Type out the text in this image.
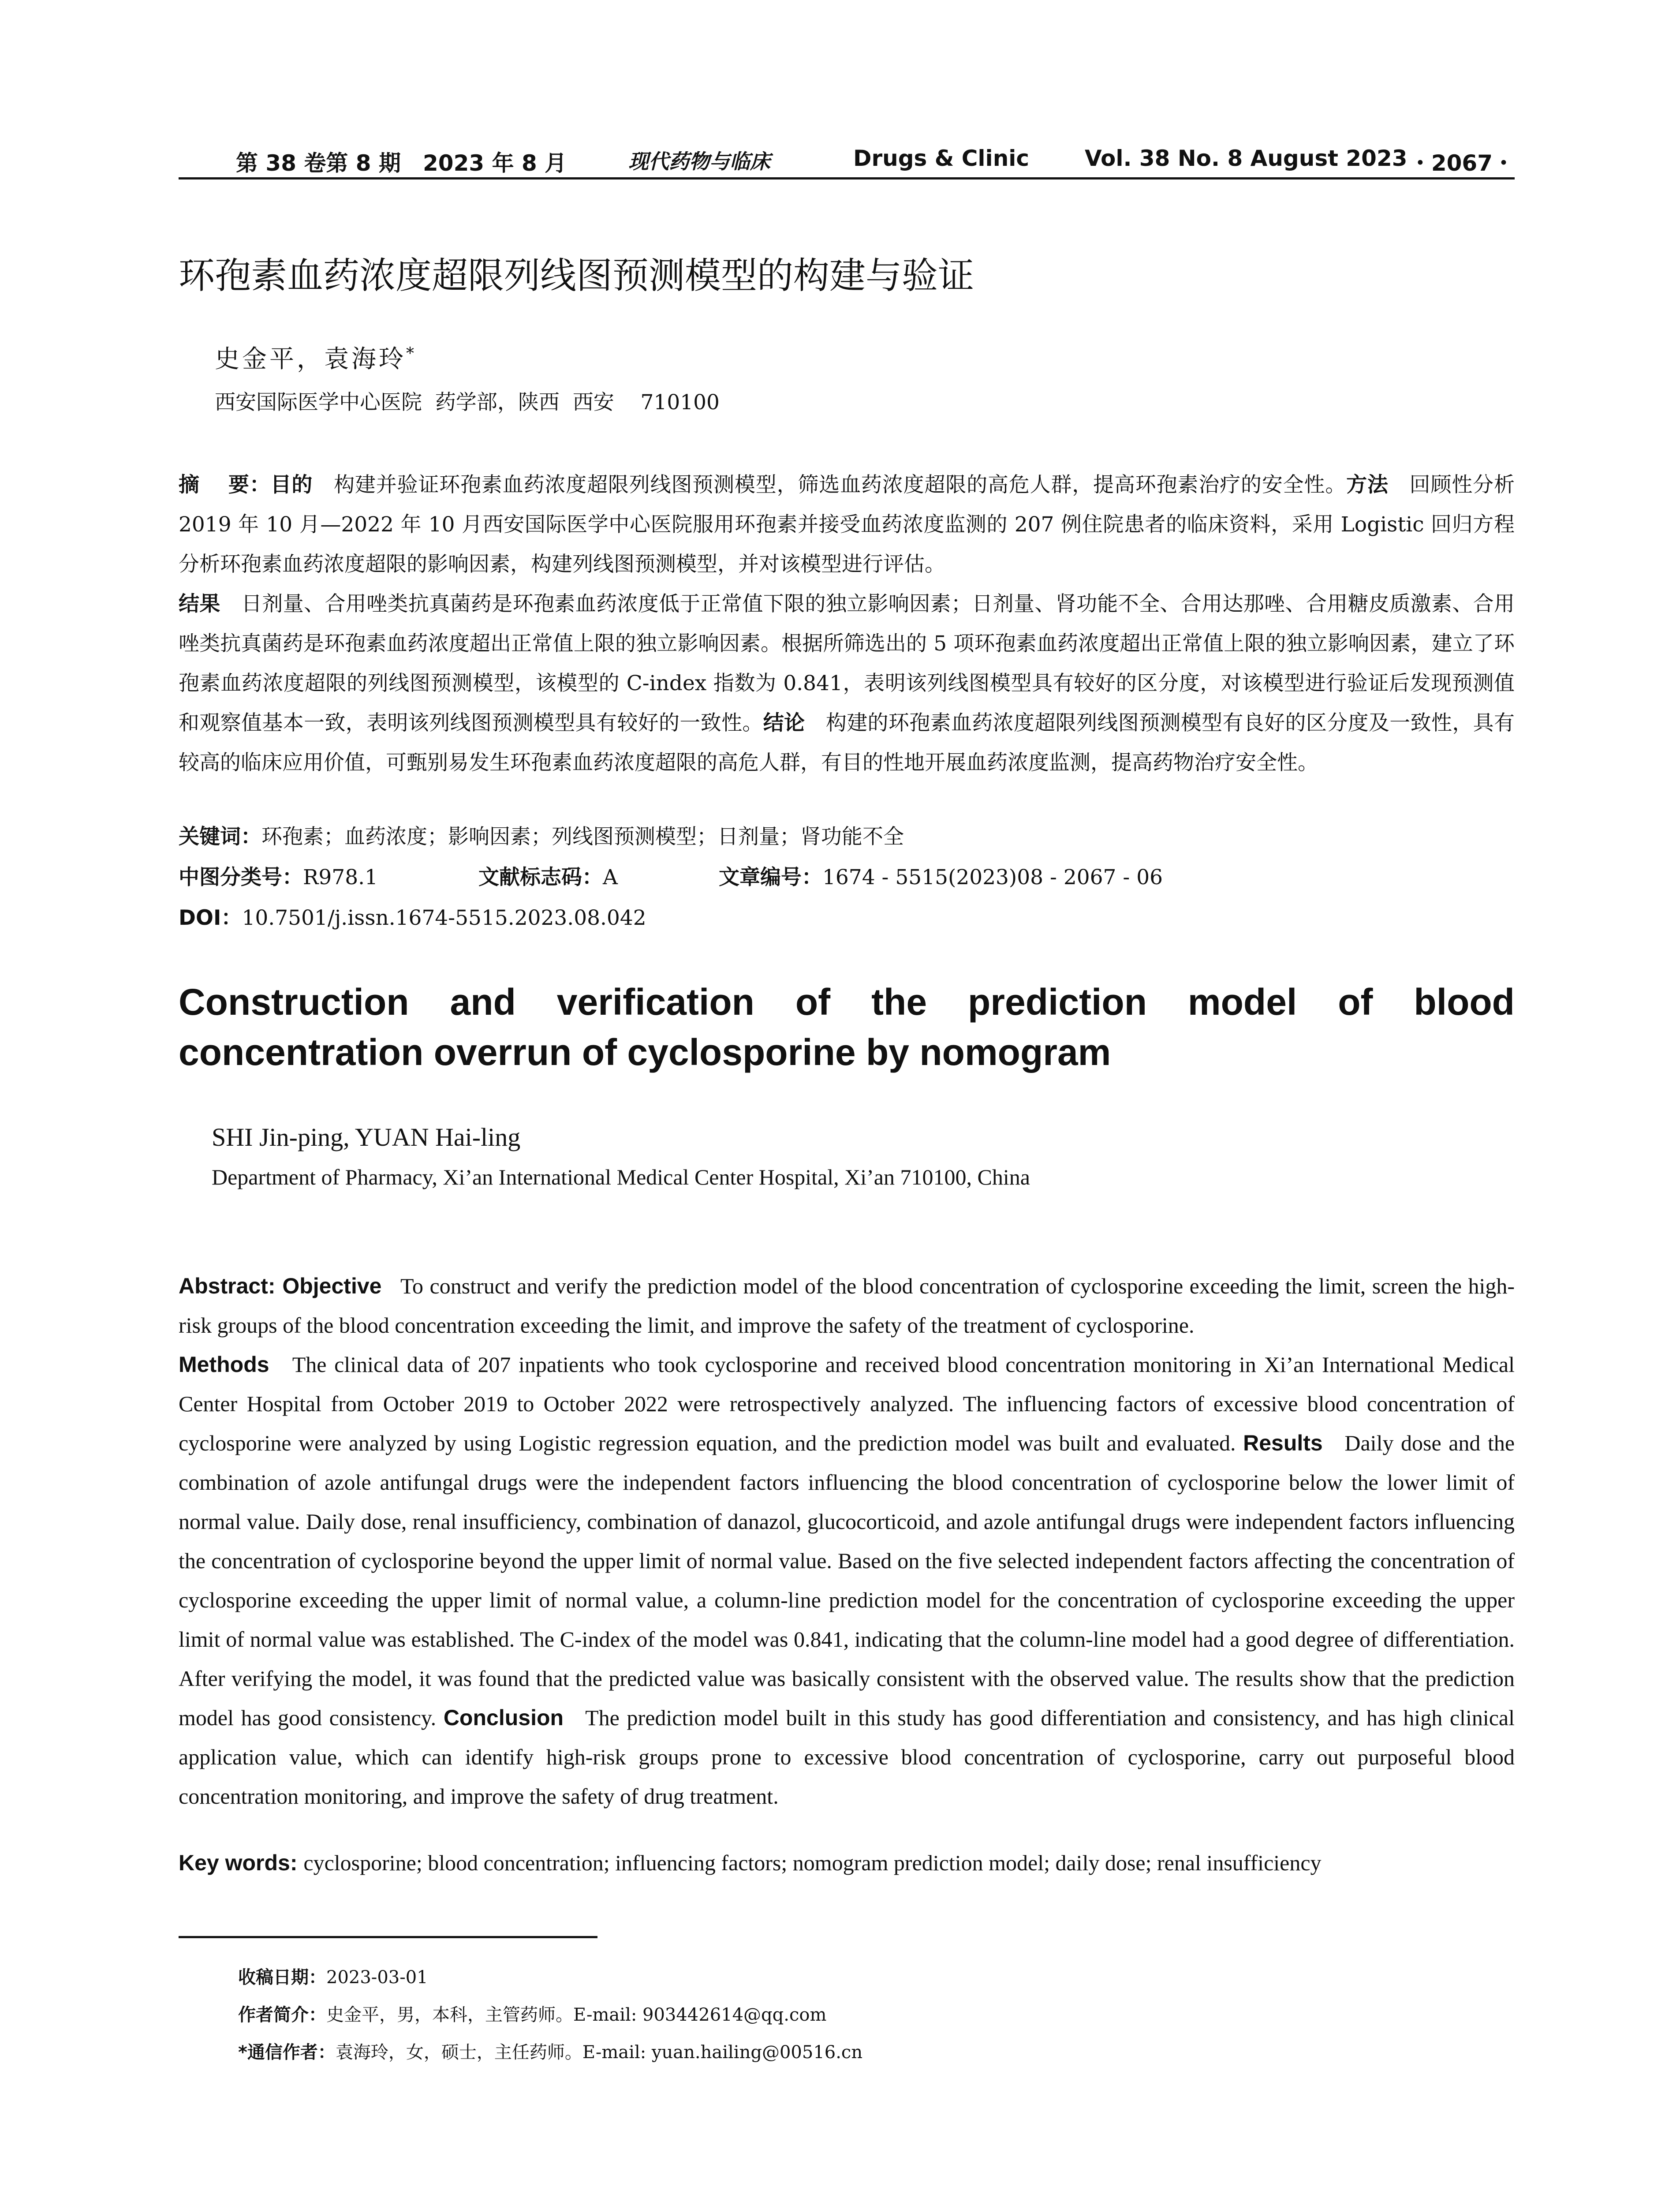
第 38 卷第 8 期　2023 年 8 月	现代药物与临床	Drugs & Clinic	Vol. 38 No. 8 August 2023 ・2067・
环孢素血药浓度超限列线图预测模型的构建与验证
史金平，袁海玲*
西安国际医学中心医院  药学部，陕西  西安    710100
摘　 要：目的　 构建并验证环孢素血药浓度超限列线图预测模型，筛选血药浓度超限的高危人群，提高环孢素治疗的安全性。方法　 回顾性分析 2019 年 10 月—2022 年 10 月西安国际医学中心医院服用环孢素并接受血药浓度监测的 207 例住院患者的临床资料，采用 Logistic 回归方程分析环孢素血药浓度超限的影响因素，构建列线图预测模型，并对该模型进行评估。
结果　 日剂量、合用唑类抗真菌药是环孢素血药浓度低于正常值下限的独立影响因素；日剂量、肾功能不全、合用达那唑、合用糖皮质激素、合用唑类抗真菌药是环孢素血药浓度超出正常值上限的独立影响因素。根据所筛选出的 5 项环孢素血药浓度超出正常值上限的独立影响因素，建立了环孢素血药浓度超限的列线图预测模型，该模型的 C-index 指数为 0.841，表明该列线图模型具有较好的区分度，对该模型进行验证后发现预测值和观察值基本一致，表明该列线图预测模型具有较好的一致性。结论　 构建的环孢素血药浓度超限列线图预测模型有良好的区分度及一致性，具有较高的临床应用价值，可甄别易发生环孢素血药浓度超限的高危人群，有目的性地开展血药浓度监测，提高药物治疗安全性。
关键词：环孢素；血药浓度；影响因素；列线图预测模型；日剂量；肾功能不全
中图分类号：R978.1	文献标志码：A	文章编号：1674 - 5515(2023)08 - 2067 - 06
DOI：10.7501/j.issn.1674-5515.2023.08.042
Construction and verification of the prediction model of blood concentration overrun of cyclosporine by nomogram
SHI Jin-ping, YUAN Hai-ling
Department of Pharmacy, Xi’an International Medical Center Hospital, Xi’an 710100, China
Abstract: Objective To construct and verify the prediction model of the blood concentration of cyclosporine exceeding the limit, screen the high-risk groups of the blood concentration exceeding the limit, and improve the safety of the treatment of cyclosporine.
Methods The clinical data of 207 inpatients who took cyclosporine and received blood concentration monitoring in Xi’an International Medical Center Hospital from October 2019 to October 2022 were retrospectively analyzed. The influencing factors of excessive blood concentration of cyclosporine were analyzed by using Logistic regression equation, and the prediction model was built and evaluated. Results Daily dose and the combination of azole antifungal drugs were the independent factors influencing the blood concentration of cyclosporine below the lower limit of normal value. Daily dose, renal insufficiency, combination of danazol, glucocorticoid, and azole antifungal drugs were independent factors influencing the concentration of cyclosporine beyond the upper limit of normal value. Based on the five selected independent factors affecting the concentration of cyclosporine exceeding the upper limit of normal value, a column-line prediction model for the concentration of cyclosporine exceeding the upper limit of normal value was established. The C-index of the model was 0.841, indicating that the column-line model had a good degree of differentiation. After verifying the model, it was found that the predicted value was basically consistent with the observed value. The results show that the prediction model has good consistency. Conclusion The prediction model built in this study has good differentiation and consistency, and has high clinical application value, which can identify high-risk groups prone to excessive blood concentration of cyclosporine, carry out purposeful blood concentration monitoring, and improve the safety of drug treatment.
Key words: cyclosporine; blood concentration; influencing factors; nomogram prediction model; daily dose; renal insufficiency
收稿日期：2023-03-01
作者简介：史金平，男，本科，主管药师。E-mail: 903442614@qq.com
*通信作者：袁海玲，女，硕士，主任药师。E-mail: yuan.hailing@00516.cn
